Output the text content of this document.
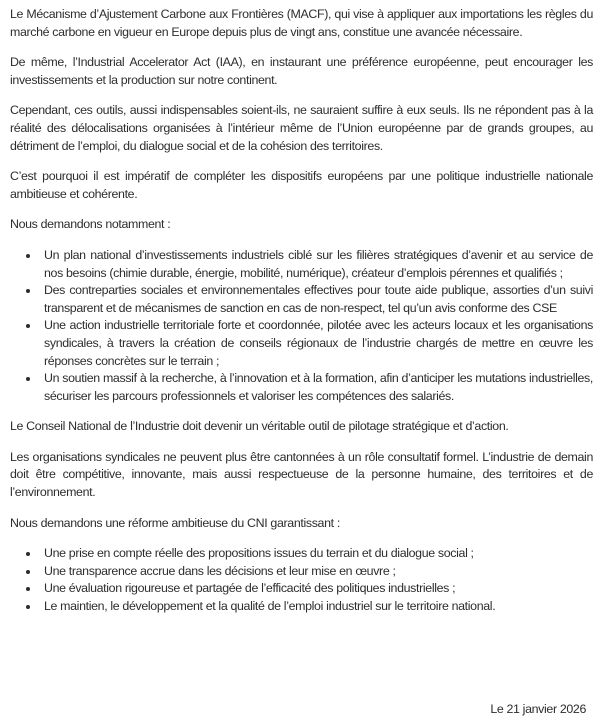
Le Mécanisme d’Ajustement Carbone aux Frontières (MACF), qui vise à appliquer aux importations les règles du marché carbone en vigueur en Europe depuis plus de vingt ans, constitue une avancée nécessaire.

De même, l’Industrial Accelerator Act (IAA), en instaurant une préférence européenne, peut encourager les investissements et la production sur notre continent.

Cependant, ces outils, aussi indispensables soient-ils, ne sauraient suffire à eux seuls. Ils ne répondent pas à la réalité des délocalisations organisées à l’intérieur même de l’Union européenne par de grands groupes, au détriment de l’emploi, du dialogue social et de la cohésion des territoires.

C’est pourquoi il est impératif de compléter les dispositifs européens par une politique industrielle nationale ambitieuse et cohérente.

Nous demandons notamment :

• Un plan national d’investissements industriels ciblé sur les filières stratégiques d’avenir et au service de nos besoins (chimie durable, énergie, mobilité, numérique), créateur d’emplois pérennes et qualifiés ;
• Des contreparties sociales et environnementales effectives pour toute aide publique, assorties d’un suivi transparent et de mécanismes de sanction en cas de non-respect, tel qu’un avis conforme des CSE
• Une action industrielle territoriale forte et coordonnée, pilotée avec les acteurs locaux et les organisations syndicales, à travers la création de conseils régionaux de l’industrie chargés de mettre en œuvre les réponses concrètes sur le terrain ;
• Un soutien massif à la recherche, à l’innovation et à la formation, afin d’anticiper les mutations industrielles, sécuriser les parcours professionnels et valoriser les compétences des salariés.

Le Conseil National de l’Industrie doit devenir un véritable outil de pilotage stratégique et d’action.

Les organisations syndicales ne peuvent plus être cantonnées à un rôle consultatif formel. L’industrie de demain doit être compétitive, innovante, mais aussi respectueuse de la personne humaine, des territoires et de l’environnement.

Nous demandons une réforme ambitieuse du CNI garantissant :

• Une prise en compte réelle des propositions issues du terrain et du dialogue social ;
• Une transparence accrue dans les décisions et leur mise en œuvre ;
• Une évaluation rigoureuse et partagée de l’efficacité des politiques industrielles ;
• Le maintien, le développement et la qualité de l’emploi industriel sur le territoire national.

Le 21 janvier 2026
